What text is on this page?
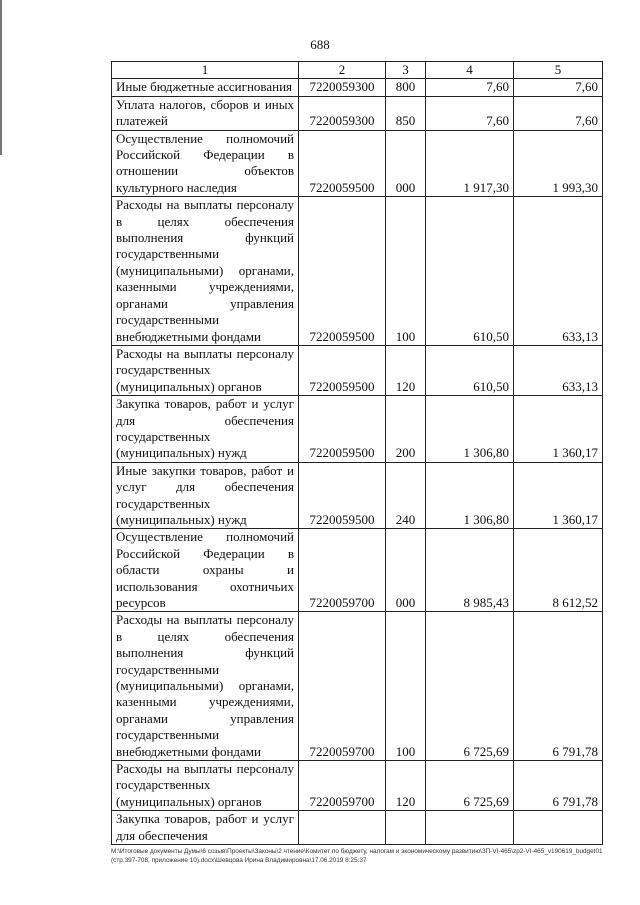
688
1	2	3	4	5
Иные бюджетные ассигнования	7220059300	800	7,60	7,60
Уплата налогов, сборов и иных платежей	7220059300	850	7,60	7,60
Осуществление полномочий Российской Федерации в отношении объектов культурного наследия	7220059500	000	1 917,30	1 993,30
Расходы на выплаты персоналу в целях обеспечения выполнения функций государственными (муниципальными) органами, казенными учреждениями, органами управления государственными внебюджетными фондами	7220059500	100	610,50	633,13
Расходы на выплаты персоналу государственных (муниципальных) органов	7220059500	120	610,50	633,13
Закупка товаров, работ и услуг для обеспечения государственных (муниципальных) нужд	7220059500	200	1 306,80	1 360,17
Иные закупки товаров, работ и услуг для обеспечения государственных (муниципальных) нужд	7220059500	240	1 306,80	1 360,17
Осуществление полномочий Российской Федерации в области охраны и использования охотничьих ресурсов	7220059700	000	8 985,43	8 612,52
Расходы на выплаты персоналу в целях обеспечения выполнения функций государственными (муниципальными) органами, казенными учреждениями, органами управления государственными внебюджетными фондами	7220059700	100	6 725,69	6 791,78
Расходы на выплаты персоналу государственных (муниципальных) органов	7220059700	120	6 725,69	6 791,78
Закупка товаров, работ и услуг для обеспечения				
M:\Итоговые документы Думы\6 созыв\Проекты\Законы\2 чтение\Комитет по бюджету, налогам и экономическому развитию\ЗП-VI-465\zp2-VI-465_v190619_budget01 (стр.397-708, приложение 10).docx\Шевцова Ирина Владимировна\17.06.2019 8:25:37
